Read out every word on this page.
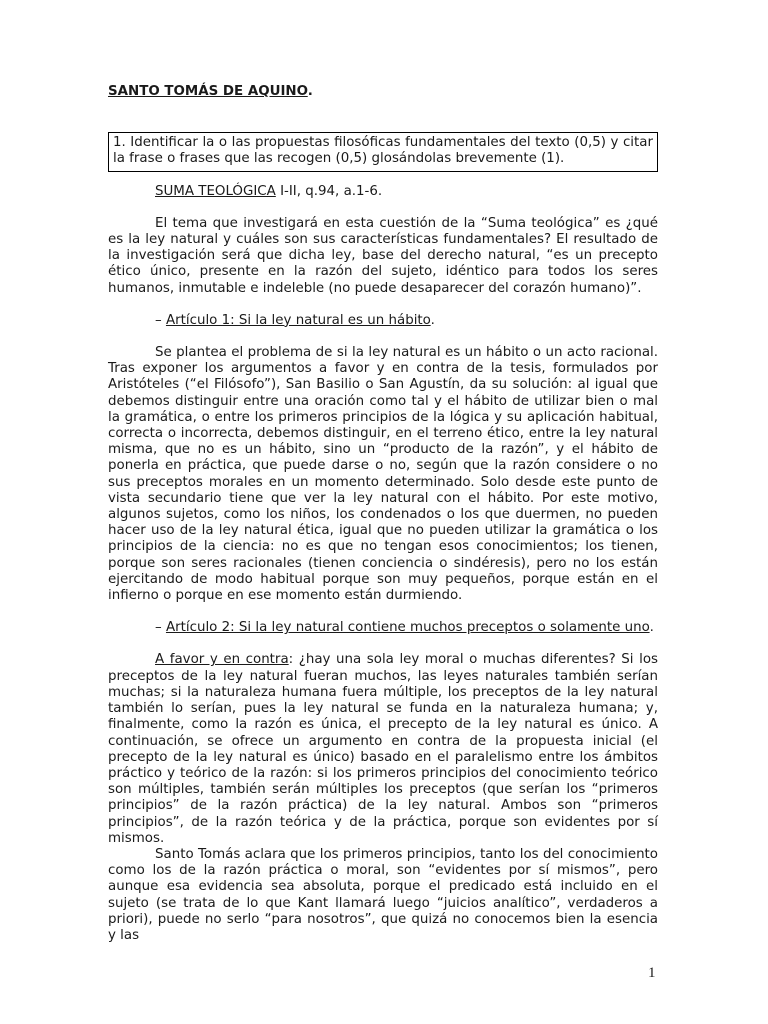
SANTO TOMÁS DE AQUINO.

1. Identificar la o las propuestas filosóficas fundamentales del texto (0,5) y citar la frase o frases que las recogen (0,5) glosándolas brevemente (1).

SUMA TEOLÓGICA I-II, q.94, a.1-6.

El tema que investigará en esta cuestión de la “Suma teológica” es ¿qué es la ley natural y cuáles son sus características fundamentales? El resultado de la investigación será que dicha ley, base del derecho natural, “es un precepto ético único, presente en la razón del sujeto, idéntico para todos los seres humanos, inmutable e indeleble (no puede desaparecer del corazón humano)”.

– Artículo 1: Si la ley natural es un hábito.

Se plantea el problema de si la ley natural es un hábito o un acto racional. Tras exponer los argumentos a favor y en contra de la tesis, formulados por Aristóteles (“el Filósofo”), San Basilio o San Agustín, da su solución: al igual que debemos distinguir entre una oración como tal y el hábito de utilizar bien o mal la gramática, o entre los primeros principios de la lógica y su aplicación habitual, correcta o incorrecta, debemos distinguir, en el terreno ético, entre la ley natural misma, que no es un hábito, sino un “producto de la razón”, y el hábito de ponerla en práctica, que puede darse o no, según que la razón considere o no sus preceptos morales en un momento determinado. Solo desde este punto de vista secundario tiene que ver la ley natural con el hábito. Por este motivo, algunos sujetos, como los niños, los condenados o los que duermen, no pueden hacer uso de la ley natural ética, igual que no pueden utilizar la gramática o los principios de la ciencia: no es que no tengan esos conocimientos; los tienen, porque son seres racionales (tienen conciencia o sindéresis), pero no los están ejercitando de modo habitual porque son muy pequeños, porque están en el infierno o porque en ese momento están durmiendo.

– Artículo 2: Si la ley natural contiene muchos preceptos o solamente uno.

A favor y en contra: ¿hay una sola ley moral o muchas diferentes? Si los preceptos de la ley natural fueran muchos, las leyes naturales también serían muchas; si la naturaleza humana fuera múltiple, los preceptos de la ley natural también lo serían, pues la ley natural se funda en la naturaleza humana; y, finalmente, como la razón es única, el precepto de la ley natural es único. A continuación, se ofrece un argumento en contra de la propuesta inicial (el precepto de la ley natural es único) basado en el paralelismo entre los ámbitos práctico y teórico de la razón: si los primeros principios del conocimiento teórico son múltiples, también serán múltiples los preceptos (que serían los “primeros principios” de la razón práctica) de la ley natural. Ambos son “primeros principios”, de la razón teórica y de la práctica, porque son evidentes por sí mismos.

Santo Tomás aclara que los primeros principios, tanto los del conocimiento como los de la razón práctica o moral, son “evidentes por sí mismos”, pero aunque esa evidencia sea absoluta, porque el predicado está incluido en el sujeto (se trata de lo que Kant llamará luego “juicios analítico”, verdaderos a priori), puede no serlo “para nosotros”, que quizá no conocemos bien la esencia y las

1
